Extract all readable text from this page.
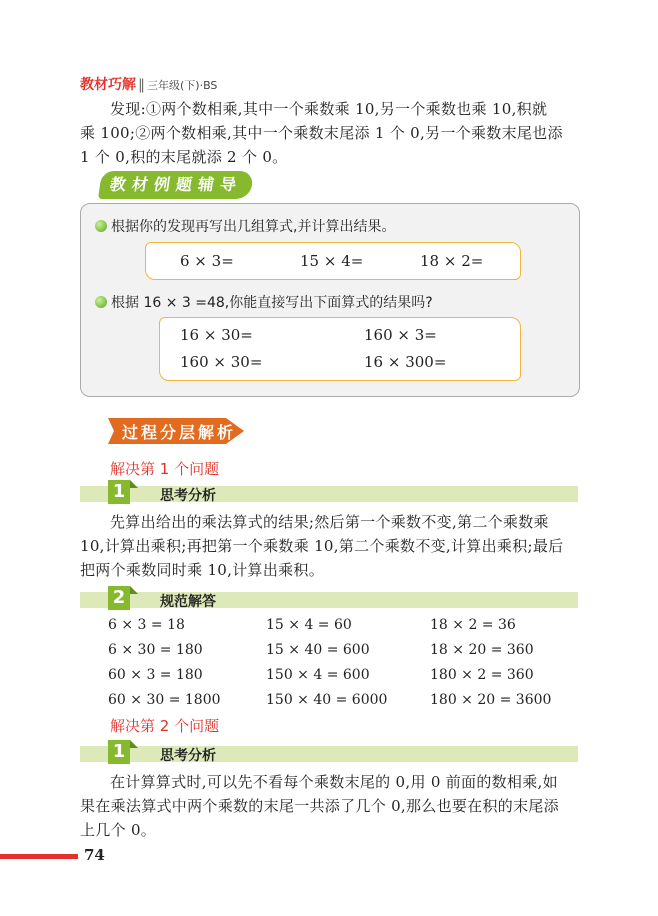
教材巧解 ‖ 三年级(下)·BS

发现:①两个数相乘,其中一个乘数乘 10,另一个乘数也乘 10,积就

乘 100;②两个数相乘,其中一个乘数末尾添 1 个 0,另一个乘数末尾也添

1 个 0,积的末尾就添 2 个 0。

教材例题辅导
根据你的发现再写出几组算式,并计算出结果。
6 × 3=	15 × 4=	18 × 2=
根据 16 × 3 =48,你能直接写出下面算式的结果吗?
16 × 30=	160 × 3=
160 × 30=	16 × 300=
过程分层解析
解决第 1 个问题
1	思考分析

先算出给出的乘法算式的结果;然后第一个乘数不变,第二个乘数乘

10,计算出乘积;再把第一个乘数乘 10,第二个乘数不变,计算出乘积;最后

把两个乘数同时乘 10,计算出乘积。

2	规范解答
6 × 3 = 18	15 × 4 = 60	18 × 2 = 36
6 × 30 = 180	15 × 40 = 600	18 × 20 = 360
60 × 3 = 180	150 × 4 = 600	180 × 2 = 360
60 × 30 = 1800	150 × 40 = 6000	180 × 20 = 3600
解决第 2 个问题
1	思考分析

在计算算式时,可以先不看每个乘数末尾的 0,用 0 前面的数相乘,如

果在乘法算式中两个乘数的末尾一共添了几个 0,那么也要在积的末尾添

上几个 0。

74
